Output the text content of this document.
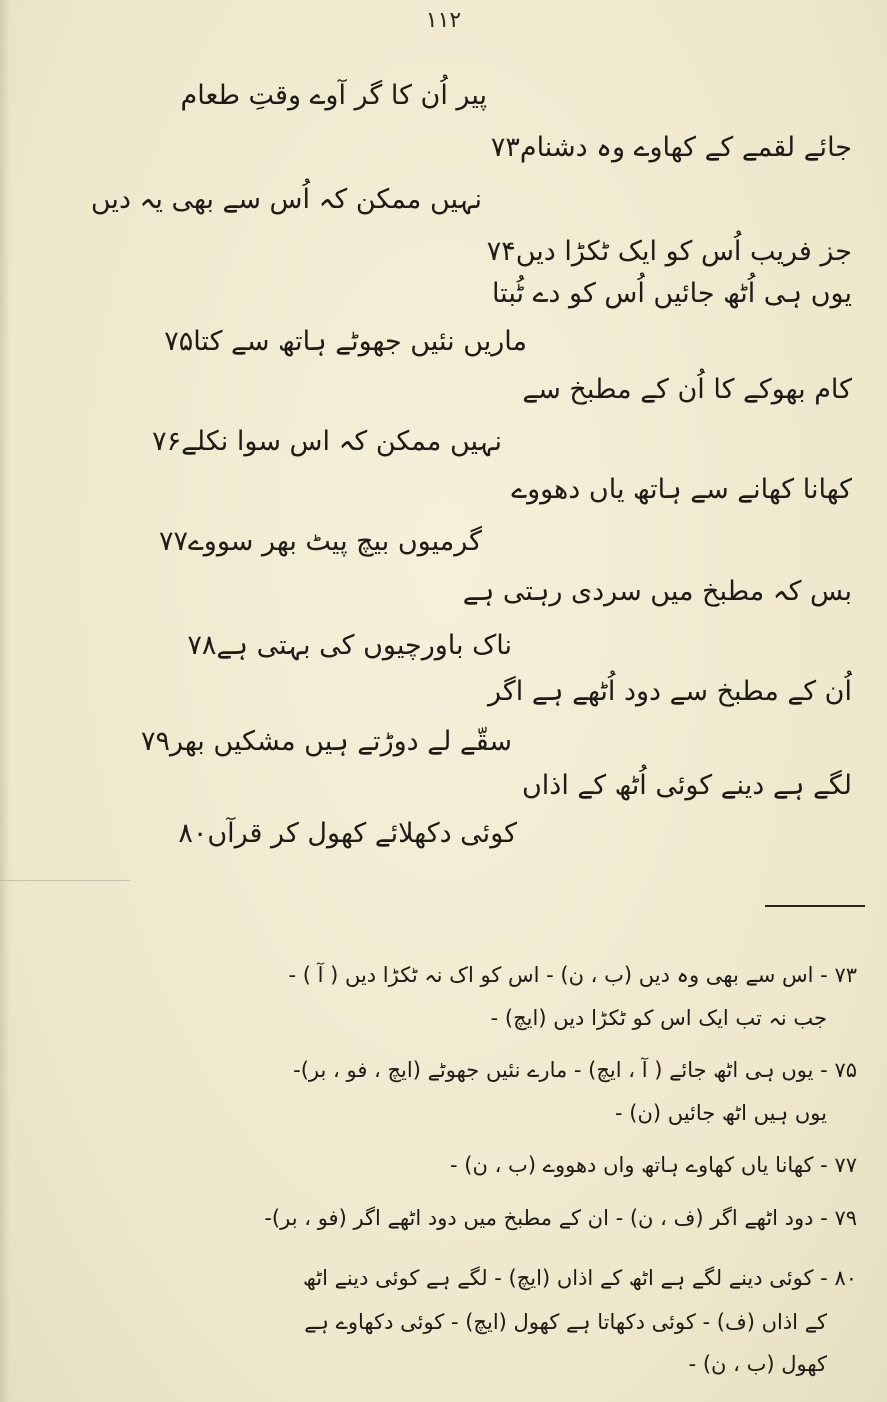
۱۱۲
پیر اُن کا گر آوے وقتِ طعام
جائے لقمے کے کھاوے وہ دشنام۷۳
نہیں ممکن کہ اُس سے بھی یہ دیں
جز فریب اُس کو ایک ٹکڑا دیں۷۴
یوں ہی اُٹھ جائیں اُس کو دے ٹُبتا
ماریں نئیں جھوٹے ہاتھ سے کتا۷۵
کام بھوکے کا اُن کے مطبخ سے
نہیں ممکن کہ اس سوا نکلے۷۶
کھانا کھانے سے ہاتھ یاں دھووے
گرمیوں بیچ پیٹ بھر سووے۷۷
بس کہ مطبخ میں سردی رہتی ہے
ناک باورچیوں کی بہتی ہے۷۸
اُن کے مطبخ سے دود اُٹھے ہے اگر
سقّے لے دوڑتے ہیں مشکیں بھر۷۹
لگے ہے دینے کوئی اُٹھ کے اذاں
کوئی دکھلائے کھول کر قرآں۸۰
۷۳ - اس سے بھی وہ دیں (ب ، ن) - اس کو اک نہ ٹکڑا دیں ( آ ) -
جب نہ تب ایک اس کو ٹکڑا دیں (ایچ) -
۷۵ - یوں ہی اٹھ جائے ( آ ، ایچ) - مارے نئیں جھوٹے (ایچ ، فو ، بر)-
یوں ہیں اٹھ جائیں (ن) -
۷۷ - کھانا یاں کھاوے ہاتھ واں دھووے (ب ، ن) -
۷۹ - دود اٹھے اگر (ف ، ن) - ان کے مطبخ میں دود اٹھے اگر (فو ، بر)-
۸۰ - کوئی دینے لگے ہے اٹھ کے اذاں (ایچ) - لگے ہے کوئی دینے اٹھ
کے اذاں (ف) - کوئی دکھاتا ہے کھول (ایچ) - کوئی دکھاوے ہے
کھول (ب ، ن) -
